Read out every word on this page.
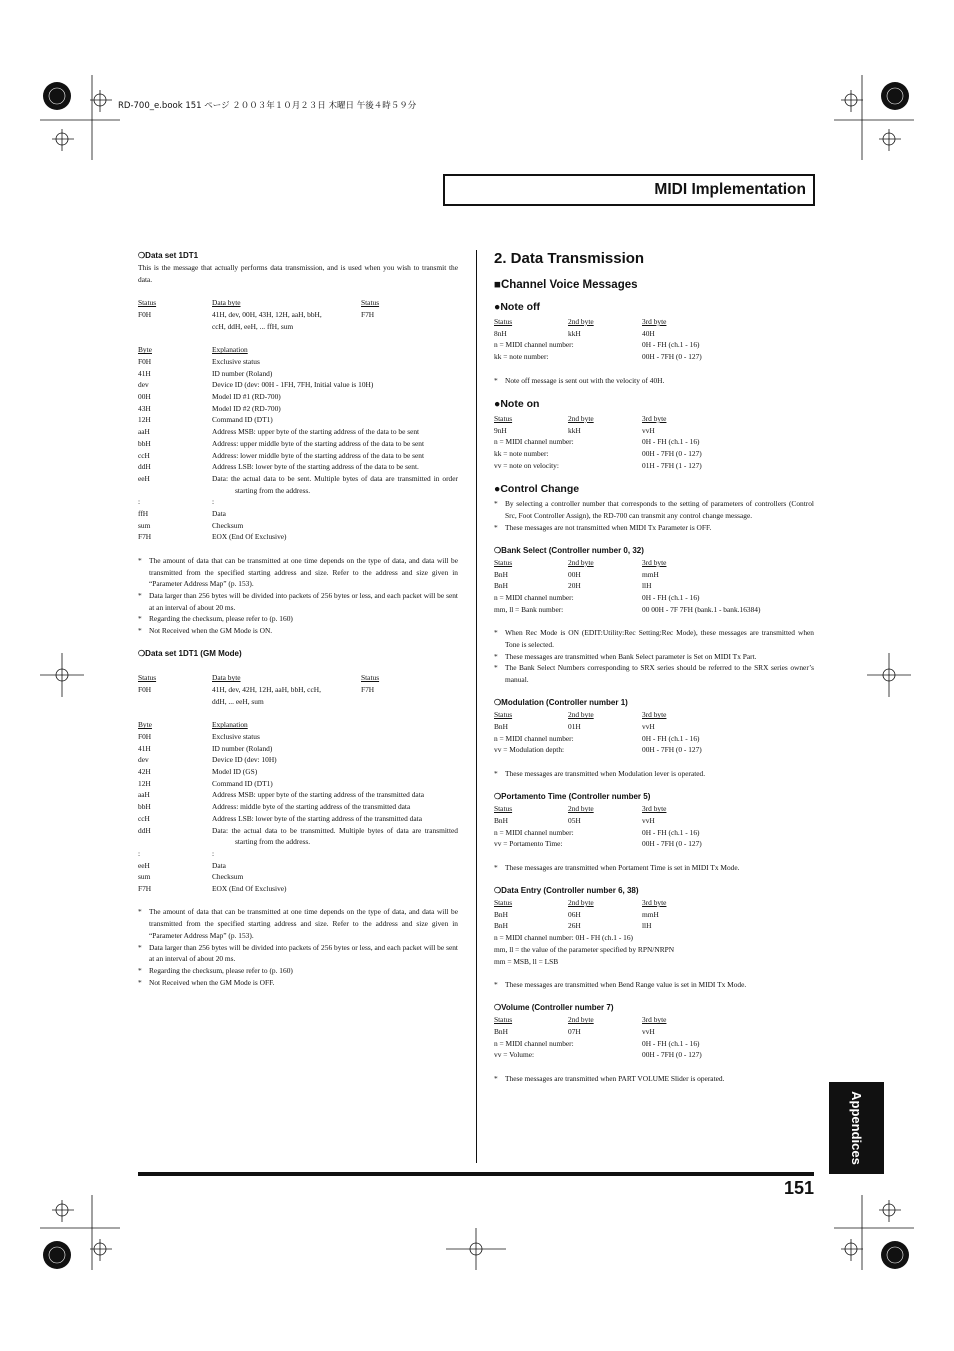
RD-700_e.book 151 ページ ２００３年１０月２３日 木曜日 午後４時５９分
MIDI Implementation
❍Data set 1DT1

This is the message that actually performs data transmission, and is used when you wish to transmit the data.

Status	Data byte	Status
F0H	41H, dev, 00H, 43H, 12H, aaH, bbH,	F7H
ccH, ddH, eeH, ... ffH, sum
Byte	Explanation
F0H	Exclusive status
41H	ID number (Roland)
dev	Device ID (dev: 00H - 1FH, 7FH, Initial value is 10H)
00H	Model ID #1 (RD-700)
43H	Model ID #2 (RD-700)
12H	Command ID (DT1)
aaH	Address MSB: upper byte of the starting address of the data to be sent
bbH	Address: upper middle byte of the starting address of the data to be sent
ccH	Address: lower middle byte of the starting address of the data to be sent
ddH	Address LSB: lower byte of the starting address of the data to be sent.
eeH	Data: the actual data to be sent. Multiple bytes of data are transmitted in order starting from the address.
:	:
ffH	Data
sum	Checksum
F7H	EOX (End Of Exclusive)
* The amount of data that can be transmitted at one time depends on the type of data, and data will be transmitted from the specified starting address and size. Refer to the address and size given in “Parameter Address Map” (p. 153).
* Data larger than 256 bytes will be divided into packets of 256 bytes or less, and each packet will be sent at an interval of about 20 ms.
* Regarding the checksum, please refer to (p. 160)
* Not Received when the GM Mode is ON.
❍Data set 1DT1 (GM Mode)
Status	Data byte	Status
F0H	41H, dev, 42H, 12H, aaH, bbH, ccH,	F7H
ddH, ... eeH, sum
Byte	Explanation
F0H	Exclusive status
41H	ID number (Roland)
dev	Device ID (dev: 10H)
42H	Model ID (GS)
12H	Command ID (DT1)
aaH	Address MSB: upper byte of the starting address of the transmitted data
bbH	Address: middle byte of the starting address of the transmitted data
ccH	Address LSB: lower byte of the starting address of the transmitted data
ddH	Data: the actual data to be transmitted. Multiple bytes of data are transmitted starting from the address.
:	:
eeH	Data
sum	Checksum
F7H	EOX (End Of Exclusive)
* The amount of data that can be transmitted at one time depends on the type of data, and data will be transmitted from the specified starting address and size. Refer to the address and size given in “Parameter Address Map” (p. 153).
* Data larger than 256 bytes will be divided into packets of 256 bytes or less, and each packet will be sent at an interval of about 20 ms.
* Regarding the checksum, please refer to (p. 160)
* Not Received when the GM Mode is OFF.
2. Data Transmission
■Channel Voice Messages
●Note off
Status	2nd byte	3rd byte
8nH	kkH	40H
n = MIDI channel number:	0H - FH (ch.1 - 16)
kk = note number:	00H - 7FH (0 - 127)
* Note off message is sent out with the velocity of 40H.
●Note on
Status	2nd byte	3rd byte
9nH	kkH	vvH
n = MIDI channel number:	0H - FH (ch.1 - 16)
kk = note number:	00H - 7FH (0 - 127)
vv = note on velocity:	01H - 7FH (1 - 127)
●Control Change
* By selecting a controller number that corresponds to the setting of parameters of controllers (Control Src, Foot Controller Assign), the RD-700 can transmit any control change message.
* These messages are not transmitted when MIDI Tx Parameter is OFF.
❍Bank Select (Controller number 0, 32)
Status	2nd byte	3rd byte
BnH	00H	mmH
BnH	20H	llH
n = MIDI channel number:	0H - FH (ch.1 - 16)
mm, ll = Bank number:	00 00H - 7F 7FH (bank.1 - bank.16384)
* When Rec Mode is ON (EDIT:Utility:Rec Setting:Rec Mode), these messages are transmitted when Tone is selected.
* These messages are transmitted when Bank Select parameter is Set on MIDI Tx Part.
* The Bank Select Numbers corresponding to SRX series should be referred to the SRX series owner’s manual.
❍Modulation (Controller number 1)
Status	2nd byte	3rd byte
BnH	01H	vvH
n = MIDI channel number:	0H - FH (ch.1 - 16)
vv = Modulation depth:	00H - 7FH (0 - 127)
* These messages are transmitted when Modulation lever is operated.
❍Portamento Time (Controller number 5)
Status	2nd byte	3rd byte
BnH	05H	vvH
n = MIDI channel number:	0H - FH (ch.1 - 16)
vv = Portamento Time:	00H - 7FH (0 - 127)
* These messages are transmitted when Portament Time is set in MIDI Tx Mode.
❍Data Entry (Controller number 6, 38)
Status	2nd byte	3rd byte
BnH	06H	mmH
BnH	26H	llH
n = MIDI channel number: 0H - FH (ch.1 - 16)
mm, ll = the value of the parameter specified by RPN/NRPN
mm = MSB, ll = LSB
* These messages are transmitted when Bend Range value is set in MIDI Tx Mode.
❍Volume (Controller number 7)
Status	2nd byte	3rd byte
BnH	07H	vvH
n = MIDI channel number:	0H - FH (ch.1 - 16)
vv = Volume:	00H - 7FH (0 - 127)
* These messages are transmitted when PART VOLUME Slider is operated.
151
Appendices
